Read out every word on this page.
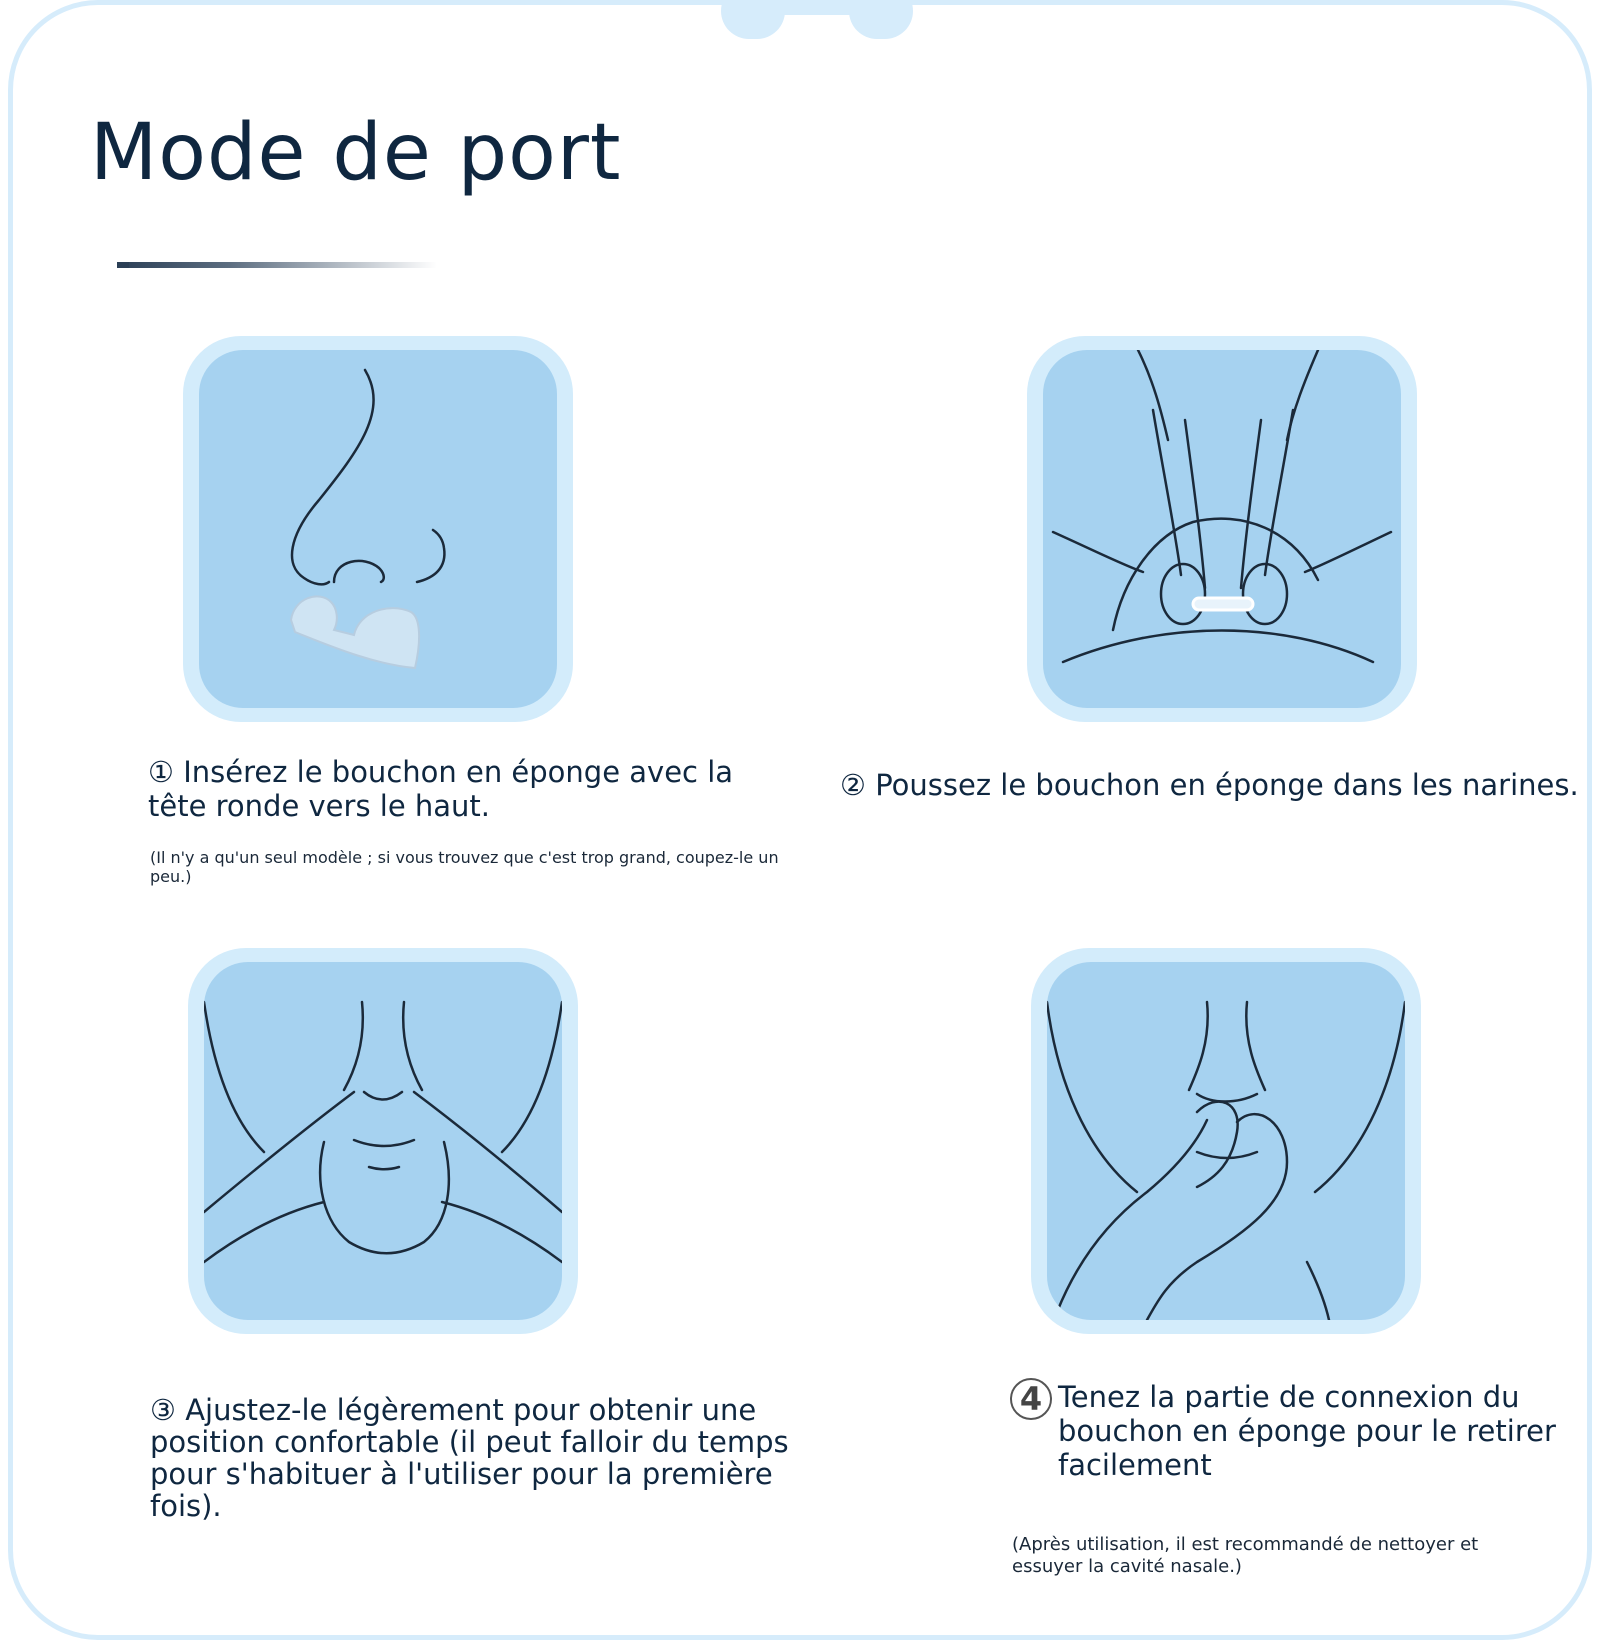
Mode de port

① Insérez le bouchon en éponge avec la tête ronde vers le haut.

(Il n'y a qu'un seul modèle ; si vous trouvez que c'est trop grand, coupez-le un peu.)

② Poussez le bouchon en éponge dans les narines.

③ Ajustez-le légèrement pour obtenir une position confortable (il peut falloir du temps pour s'habituer à l'utiliser pour la première fois).

4 Tenez la partie de connexion du bouchon en éponge pour le retirer facilement

(Après utilisation, il est recommandé de nettoyer et essuyer la cavité nasale.)
